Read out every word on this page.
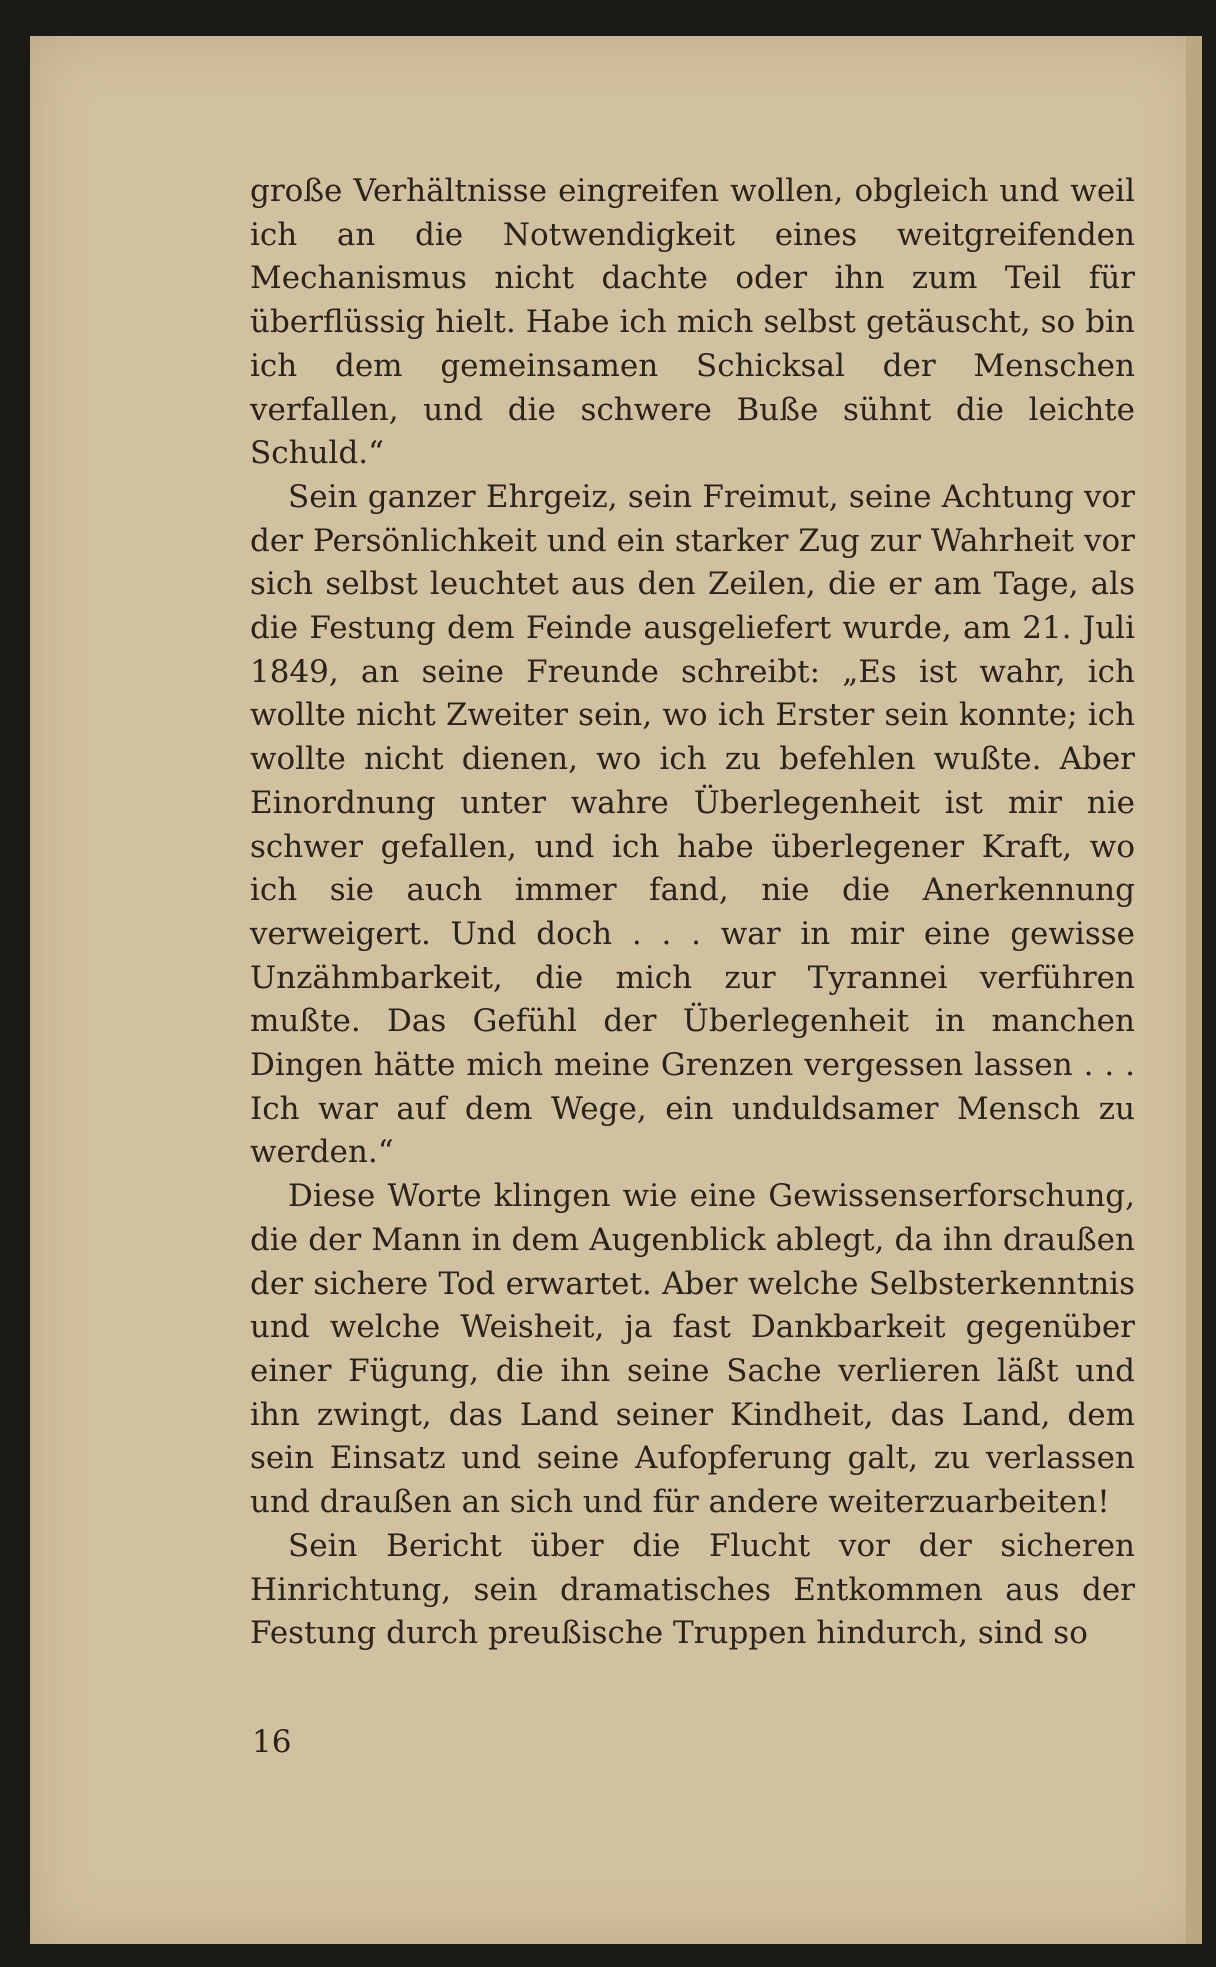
große Verhältnisse eingreifen wollen, obgleich und weil ich an die Notwendigkeit eines weitgreifenden Mechanismus nicht dachte oder ihn zum Teil für überflüssig hielt. Habe ich mich selbst getäuscht, so bin ich dem gemeinsamen Schicksal der Menschen verfallen, und die schwere Buße sühnt die leichte Schuld.“

Sein ganzer Ehrgeiz, sein Freimut, seine Achtung vor der Persönlichkeit und ein starker Zug zur Wahrheit vor sich selbst leuchtet aus den Zeilen, die er am Tage, als die Festung dem Feinde ausgeliefert wurde, am 21. Juli 1849, an seine Freunde schreibt: „Es ist wahr, ich wollte nicht Zweiter sein, wo ich Erster sein konnte; ich wollte nicht dienen, wo ich zu befehlen wußte. Aber Einordnung unter wahre Überlegenheit ist mir nie schwer gefallen, und ich habe überlegener Kraft, wo ich sie auch immer fand, nie die Anerkennung verweigert. Und doch . . . war in mir eine gewisse Unzähmbarkeit, die mich zur Tyrannei verführen mußte. Das Gefühl der Überlegenheit in manchen Dingen hätte mich meine Grenzen vergessen lassen . . . Ich war auf dem Wege, ein unduldsamer Mensch zu werden.“

Diese Worte klingen wie eine Gewissenserforschung, die der Mann in dem Augenblick ablegt, da ihn draußen der sichere Tod erwartet. Aber welche Selbsterkenntnis und welche Weisheit, ja fast Dankbarkeit gegenüber einer Fügung, die ihn seine Sache verlieren läßt und ihn zwingt, das Land seiner Kindheit, das Land, dem sein Einsatz und seine Aufopferung galt, zu verlassen und draußen an sich und für andere weiterzuarbeiten!

Sein Bericht über die Flucht vor der sicheren Hinrichtung, sein dramatisches Entkommen aus der Festung durch preußische Truppen hindurch, sind so

16
